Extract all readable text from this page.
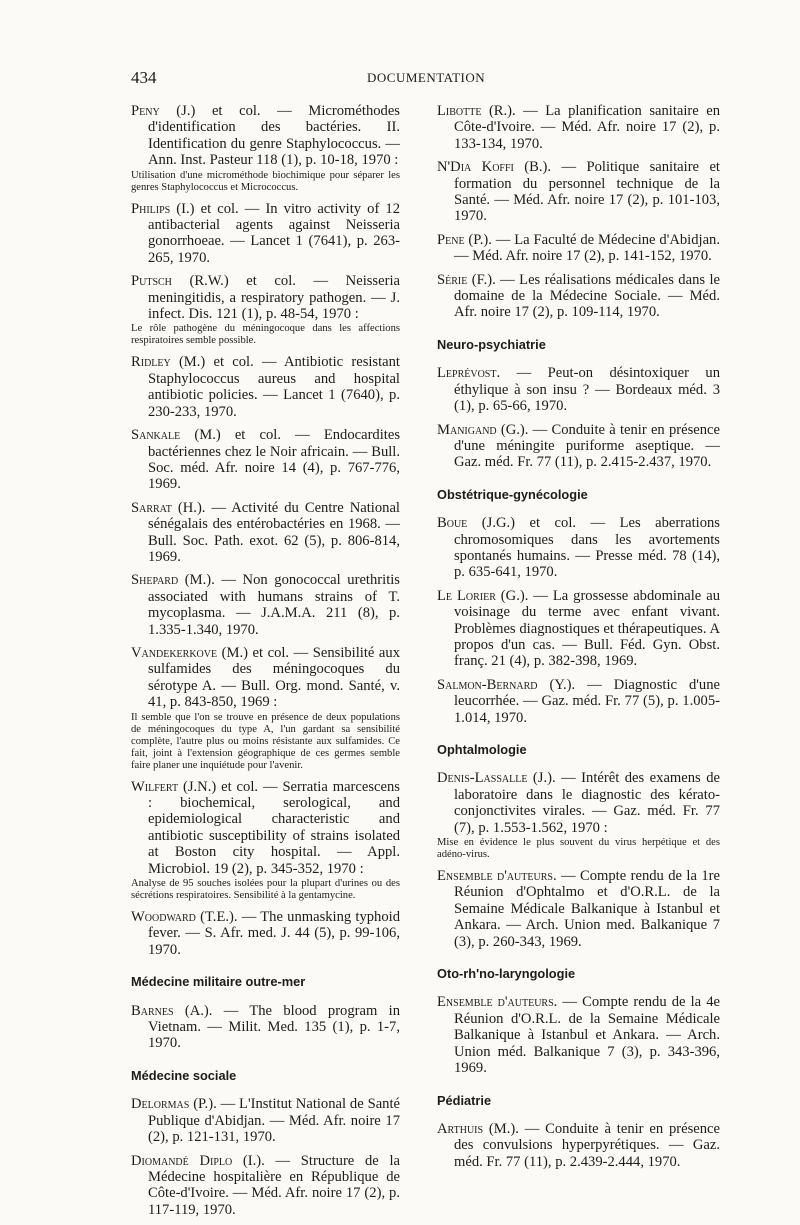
434	DOCUMENTATION
Peny (J.) et col. — Microméthodes d'identification des bactéries. II. Identification du genre Staphylococcus. — Ann. Inst. Pasteur 118 (1), p. 10-18, 1970 :
Utilisation d'une microméthode biochimique pour séparer les genres Staphylococcus et Micrococcus.
Philips (I.) et col. — In vitro activity of 12 antibacterial agents against Neisseria gonorrhoeae. — Lancet 1 (7641), p. 263-265, 1970.
Putsch (R.W.) et col. — Neisseria meningitidis, a respiratory pathogen. — J. infect. Dis. 121 (1), p. 48-54, 1970 :
Le rôle pathogène du méningocoque dans les affections respiratoires semble possible.
Ridley (M.) et col. — Antibiotic resistant Staphylococcus aureus and hospital antibiotic policies. — Lancet 1 (7640), p. 230-233, 1970.
Sankale (M.) et col. — Endocardites bactériennes chez le Noir africain. — Bull. Soc. méd. Afr. noire 14 (4), p. 767-776, 1969.
Sarrat (H.). — Activité du Centre National sénégalais des entérobactéries en 1968. — Bull. Soc. Path. exot. 62 (5), p. 806-814, 1969.
Shepard (M.). — Non gonococcal urethritis associated with humans strains of T. mycoplasma. — J.A.M.A. 211 (8), p. 1.335-1.340, 1970.
Vandekerkove (M.) et col. — Sensibilité aux sulfamides des méningocoques du sérotype A. — Bull. Org. mond. Santé, v. 41, p. 843-850, 1969 :
Il semble que l'on se trouve en présence de deux populations de méningocoques du type A, l'un gardant sa sensibilité complète, l'autre plus ou moins résistante aux sulfamides. Ce fait, joint à l'extension géographique de ces germes semble faire planer une inquiétude pour l'avenir.
Wilfert (J.N.) et col. — Serratia marcescens : biochemical, serological, and epidemiological characteristic and antibiotic susceptibility of strains isolated at Boston city hospital. — Appl. Microbiol. 19 (2), p. 345-352, 1970 :
Analyse de 95 souches isolées pour la plupart d'urines ou des sécrétions respiratoires. Sensibilité à la gentamycine.
Woodward (T.E.). — The unmasking typhoid fever. — S. Afr. med. J. 44 (5), p. 99-106, 1970.
Médecine militaire outre-mer
Barnes (A.). — The blood program in Vietnam. — Milit. Med. 135 (1), p. 1-7, 1970.
Médecine sociale
Delormas (P.). — L'Institut National de Santé Publique d'Abidjan. — Méd. Afr. noire 17 (2), p. 121-131, 1970.
Diomandé Diplo (I.). — Structure de la Médecine hospitalière en République de Côte-d'Ivoire. — Méd. Afr. noire 17 (2), p. 117-119, 1970.
Libotte (R.). — La planification sanitaire en Côte-d'Ivoire. — Méd. Afr. noire 17 (2), p. 133-134, 1970.
N'Dia Koffi (B.). — Politique sanitaire et formation du personnel technique de la Santé. — Méd. Afr. noire 17 (2), p. 101-103, 1970.
Pene (P.). — La Faculté de Médecine d'Abidjan. — Méd. Afr. noire 17 (2), p. 141-152, 1970.
Série (F.). — Les réalisations médicales dans le domaine de la Médecine Sociale. — Méd. Afr. noire 17 (2), p. 109-114, 1970.
Neuro-psychiatrie
Leprévost. — Peut-on désintoxiquer un éthylique à son insu ? — Bordeaux méd. 3 (1), p. 65-66, 1970.
Manigand (G.). — Conduite à tenir en présence d'une méningite puriforme aseptique. — Gaz. méd. Fr. 77 (11), p. 2.415-2.437, 1970.
Obstétrique-gynécologie
Boue (J.G.) et col. — Les aberrations chromosomiques dans les avortements spontanés humains. — Presse méd. 78 (14), p. 635-641, 1970.
Le Lorier (G.). — La grossesse abdominale au voisinage du terme avec enfant vivant. Problèmes diagnostiques et thérapeutiques. A propos d'un cas. — Bull. Féd. Gyn. Obst. franç. 21 (4), p. 382-398, 1969.
Salmon-Bernard (Y.). — Diagnostic d'une leucorrhée. — Gaz. méd. Fr. 77 (5), p. 1.005-1.014, 1970.
Ophtalmologie
Denis-Lassalle (J.). — Intérêt des examens de laboratoire dans le diagnostic des kérato-conjonctivites virales. — Gaz. méd. Fr. 77 (7), p. 1.553-1.562, 1970 :
Mise en évidence le plus souvent du virus herpétique et des adéno-virus.
Ensemble d'auteurs. — Compte rendu de la 1re Réunion d'Ophtalmo et d'O.R.L. de la Semaine Médicale Balkanique à Istanbul et Ankara. — Arch. Union med. Balkanique 7 (3), p. 260-343, 1969.
Oto-rh'no-laryngologie
Ensemble d'auteurs. — Compte rendu de la 4e Réunion d'O.R.L. de la Semaine Médicale Balkanique à Istanbul et Ankara. — Arch. Union méd. Balkanique 7 (3), p. 343-396, 1969.
Pédiatrie
Arthuis (M.). — Conduite à tenir en présence des convulsions hyperpyrétiques. — Gaz. méd. Fr. 77 (11), p. 2.439-2.444, 1970.
